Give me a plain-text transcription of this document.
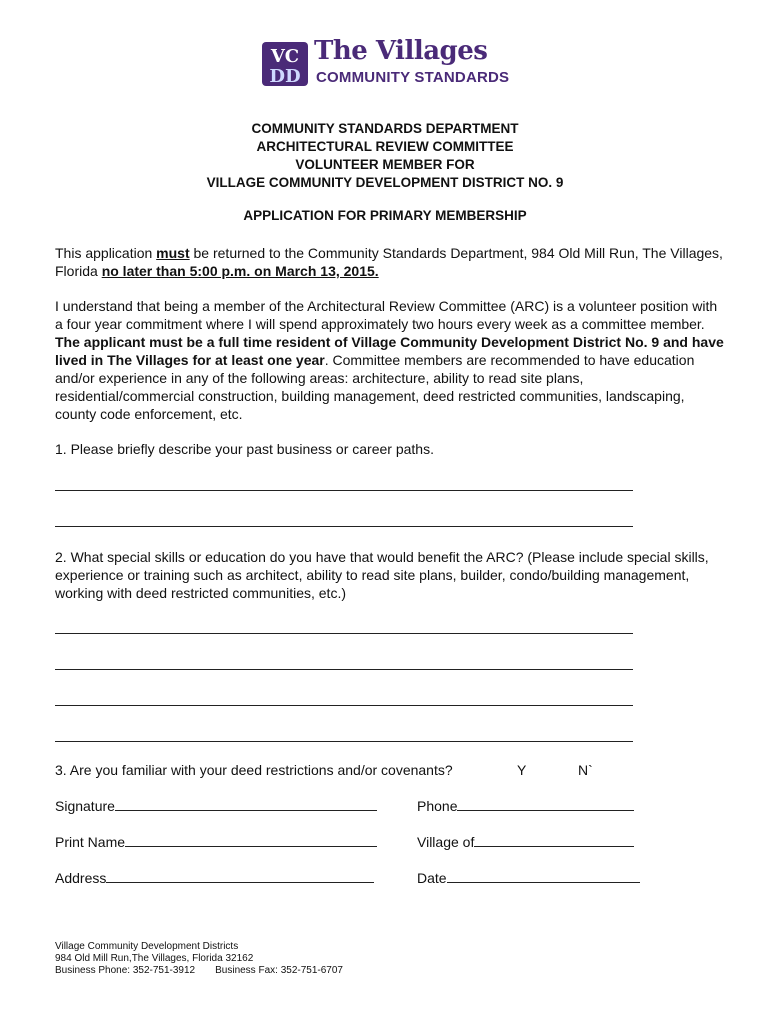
VC
DD
The Villages
COMMUNITY STANDARDS
COMMUNITY STANDARDS DEPARTMENT
ARCHITECTURAL REVIEW COMMITTEE
VOLUNTEER MEMBER FOR
VILLAGE COMMUNITY DEVELOPMENT DISTRICT NO. 9
APPLICATION FOR PRIMARY MEMBERSHIP
This application must be returned to the Community Standards Department, 984 Old Mill Run, The Villages, Florida no later than 5:00 p.m. on March 13, 2015.
I understand that being a member of the Architectural Review Committee (ARC) is a volunteer position with a four year commitment where I will spend approximately two hours every week as a committee member. The applicant must be a full time resident of Village Community Development District No. 9 and have lived in The Villages for at least one year. Committee members are recommended to have education and/or experience in any of the following areas: architecture, ability to read site plans, residential/commercial construction, building management, deed restricted communities, landscaping, county code enforcement, etc.
1. Please briefly describe your past business or career paths.
2. What special skills or education do you have that would benefit the ARC? (Please include special skills, experience or training such as architect, ability to read site plans, builder, condo/building management, working with deed restricted communities, etc.)
3. Are you familiar with your deed restrictions and/or covenants?	Y	N`
Signature	Phone
Print Name	Village of
Address	Date
Village Community Development Districts
984 Old Mill Run,The Villages, Florida 32162
Business Phone: 352-751-3912 Business Fax: 352-751-6707
